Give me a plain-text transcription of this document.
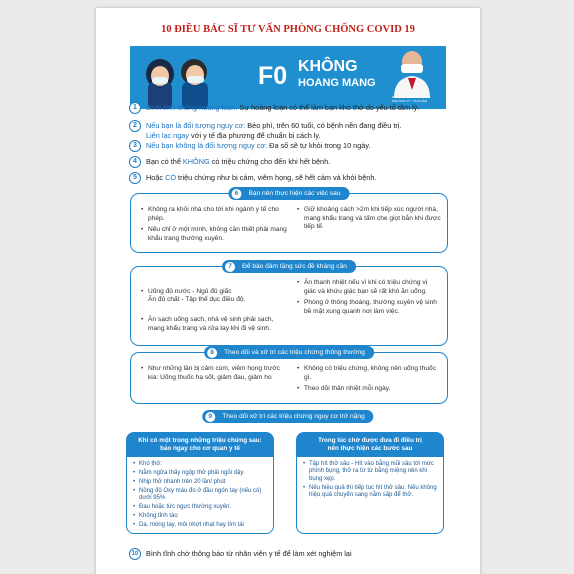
10 ĐIỀU BÁC SĨ TƯ VẤN PHÒNG CHỐNG COVID 19
F0 KHÔNG
HOANG MANG
B.S PHƯƠNG ĐỨC THÀNH
PHƯƠNG TY - TÁI KHÁM
1	Bình tĩnh không hoảng loạn. Sự hoảng loạn có thể làm bạn khó thở do yếu tố tâm lý.
2	Nếu bạn là đối tượng nguy cơ: Béo phì, trên 60 tuổi, có bệnh nền đang điều trị.
Liên lạc ngay với y tế địa phương để chuẩn bị cách ly.
3	Nếu bạn không là đối tượng nguy cơ: Đa số sẽ tự khỏi trong 10 ngày.
4	Bạn có thể KHÔNG có triệu chứng cho đến khi hết bệnh.
5	Hoặc CÓ triệu chứng như bị cảm, viêm họng, sẽ hết cảm và khỏi bệnh.
6	Bạn nên thực hiện các việc sau
• Không ra khỏi nhà cho tới khi ngành y tế cho phép.
• Nếu chỉ ở một mình, không cần thiết phải mang khẩu trang thường xuyên.
• Giữ khoảng cách >2m khi tiếp xúc người nhà, mang khẩu trang và tấm che giọt bắn khi được tiếp tế.
7	Để bảo đảm tăng sức đề kháng cần

• Uống đủ nước - Ngủ đủ giấc
Ăn đủ chất - Tập thể dục điều độ.

• Ăn sạch uống sạch, nhà vệ sinh phải sạch, mang khẩu trang và rửa tay khi đi vệ sinh.

• Ăn thanh nhiệt nếu vì khi có triệu chứng vị giác và khứu giác bạn sẽ rất khó ăn uống.
• Phòng ở thông thoáng, thường xuyên vệ sinh bề mặt xung quanh nơi làm việc.
8	Theo dõi và xử trí các triệu chứng thông thường
• Như những lần bị cảm cúm, viêm họng trước kia: Uống thuốc hạ sốt, giảm đau, giảm ho
• Không có triệu chứng, không nên uống thuốc gì.
• Theo dõi thân nhiệt mỗi ngày.
9	Theo dõi xử trí các triệu chứng nguy cơ trở nặng
Khi có một trong những triệu chứng sau:
báo ngay cho cơ quan y tế
• Khó thở:
• Nằm ngửa thấy ngộp thở phải ngồi dậy.
• Nhịp thở nhanh trên 20 lần/ phút
• Nồng độ Oxy máu đo ở đầu ngón tay (nếu có) dưới 95%
• Đau hoặc tức ngực thường xuyên.
• Không tỉnh táo
• Da, móng tay, môi nhợt nhạt hay tím tái
Trong lúc chờ được đưa đi điều trị
nên thực hiện các bước sau
• Tập hít thở sâu - Hít vào bằng mũi sâu tới mức phình bụng, thở ra từ từ bằng miệng nên khi bụng xẹp.
• Nếu hiệu quả thì tiếp tục hít thở sâu. Nếu không hiệu quả chuyển sang nằm sấp để thở.
10	Bình tĩnh chờ thông báo từ nhân viên y tế để làm xét nghiệm lại
